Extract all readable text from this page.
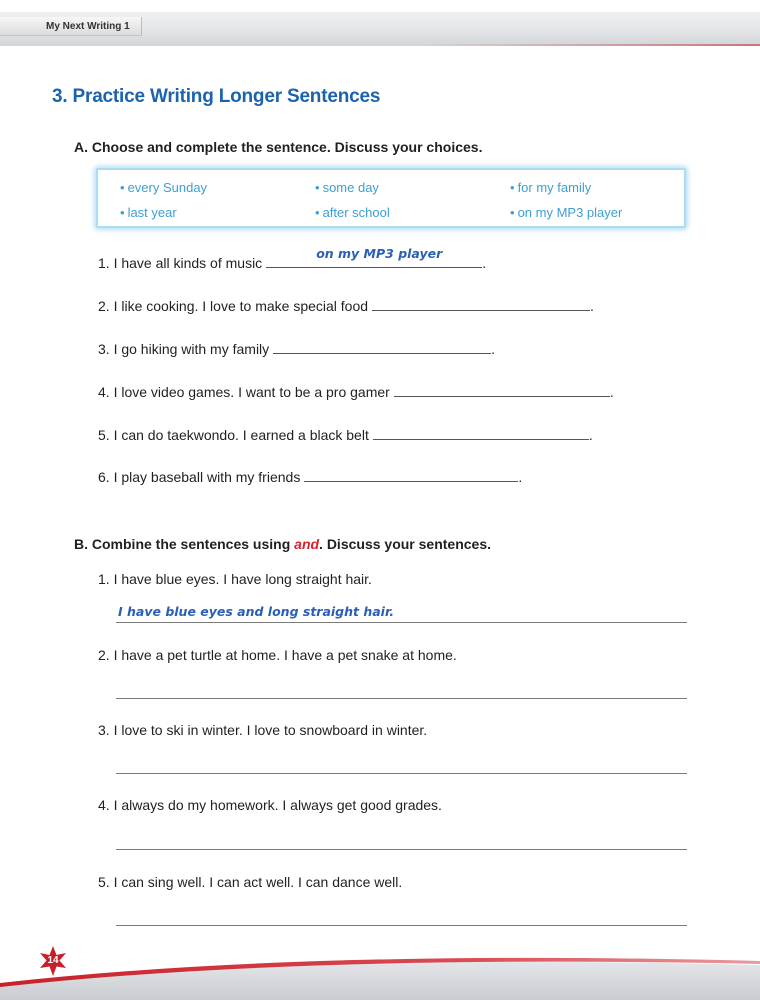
My Next Writing 1
3. Practice Writing Longer Sentences
A. Choose and complete the sentence. Discuss your choices.
• every Sunday	• some day	• for my family
• last year	• after school	• on my MP3 player
1. I have all kinds of music
on my MP3 player
.
2. I like cooking. I love to make special food	.
3. I go hiking with my family	.
4. I love video games. I want to be a pro gamer	.
5. I can do taekwondo. I earned a black belt	.
6. I play baseball with my friends	.
B. Combine the sentences using and. Discuss your sentences.
1. I have blue eyes. I have long straight hair.
I have blue eyes and long straight hair.
2. I have a pet turtle at home. I have a pet snake at home.
3. I love to ski in winter. I love to snowboard in winter.
4. I always do my homework. I always get good grades.
5. I can sing well. I can act well. I can dance well.
14
